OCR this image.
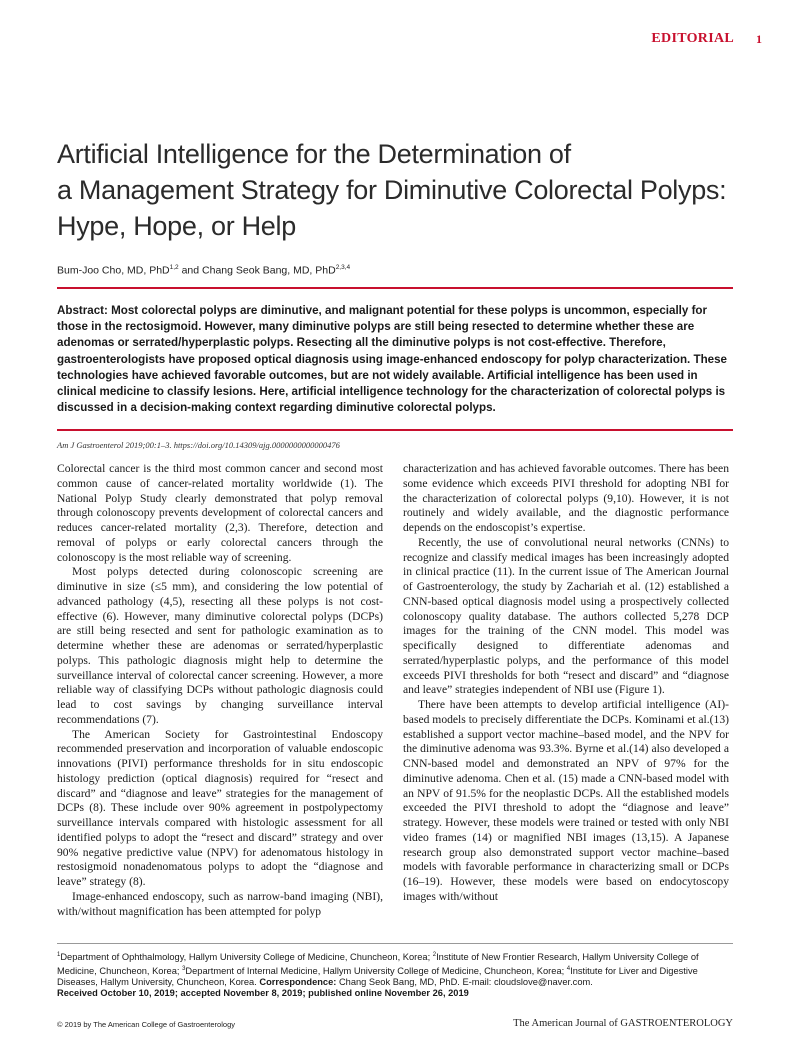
EDITORIAL 1
Artificial Intelligence for the Determination of
a Management Strategy for Diminutive Colorectal Polyps:
Hype, Hope, or Help
Bum-Joo Cho, MD, PhD$^{1,2}$ and Chang Seok Bang, MD, PhD$^{2,3,4}$

Abstract: Most colorectal polyps are diminutive, and malignant potential for these polyps is uncommon, especially for those in the rectosigmoid. However, many diminutive polyps are still being resected to determine whether these are adenomas or serrated/hyperplastic polyps. Resecting all the diminutive polyps is not cost-effective. Therefore, gastroenterologists have proposed optical diagnosis using image-enhanced endoscopy for polyp characterization. These technologies have achieved favorable outcomes, but are not widely available. Artificial intelligence has been used in clinical medicine to classify lesions. Here, artificial intelligence technology for the characterization of colorectal polyps is discussed in a decision-making context regarding diminutive colorectal polyps.

Am J Gastroenterol 2019;00:1–3. https://doi.org/10.14309/ajg.0000000000000476

Colorectal cancer is the third most common cancer and second most common cause of cancer-related mortality worldwide (1). The National Polyp Study clearly demonstrated that polyp removal through colonoscopy prevents development of colorectal cancers and reduces cancer-related mortality (2,3). Therefore, detection and removal of polyps or early colorectal cancers through the colonoscopy is the most reliable way of screening.

Most polyps detected during colonoscopic screening are diminutive in size (≤5 mm), and considering the low potential of advanced pathology (4,5), resecting all these polyps is not cost-effective (6). However, many diminutive colorectal polyps (DCPs) are still being resected and sent for pathologic examination as to determine whether these are adenomas or serrated/hyperplastic polyps. This pathologic diagnosis might help to determine the surveillance interval of colorectal cancer screening. However, a more reliable way of classifying DCPs without pathologic diagnosis could lead to cost savings by changing surveillance interval recommendations (7).

The American Society for Gastrointestinal Endoscopy recommended preservation and incorporation of valuable endoscopic innovations (PIVI) performance thresholds for in situ endoscopic histology prediction (optical diagnosis) required for “resect and discard” and “diagnose and leave” strategies for the management of DCPs (8). These include over 90% agreement in postpolypectomy surveillance intervals compared with histologic assessment for all identified polyps to adopt the “resect and discard” strategy and over 90% negative predictive value (NPV) for adenomatous histology in restosigmoid nonadenomatous polyps to adopt the “diagnose and leave” strategy (8).

Image-enhanced endoscopy, such as narrow-band imaging (NBI), with/without magnification has been attempted for polyp

characterization and has achieved favorable outcomes. There has been some evidence which exceeds PIVI threshold for adopting NBI for the characterization of colorectal polyps (9,10). However, it is not routinely and widely available, and the diagnostic performance depends on the endoscopist’s expertise.

Recently, the use of convolutional neural networks (CNNs) to recognize and classify medical images has been increasingly adopted in clinical practice (11). In the current issue of The American Journal of Gastroenterology, the study by Zachariah et al. (12) established a CNN-based optical diagnosis model using a prospectively collected colonoscopy quality database. The authors collected 5,278 DCP images for the training of the CNN model. This model was specifically designed to differentiate adenomas and serrated/hyperplastic polyps, and the performance of this model exceeds PIVI thresholds for both “resect and discard” and “diagnose and leave” strategies independent of NBI use (Figure 1).

There have been attempts to develop artificial intelligence (AI)-based models to precisely differentiate the DCPs. Kominami et al.(13) established a support vector machine–based model, and the NPV for the diminutive adenoma was 93.3%. Byrne et al.(14) also developed a CNN-based model and demonstrated an NPV of 97% for the diminutive adenoma. Chen et al. (15) made a CNN-based model with an NPV of 91.5% for the neoplastic DCPs. All the established models exceeded the PIVI threshold to adopt the “diagnose and leave” strategy. However, these models were trained or tested with only NBI video frames (14) or magnified NBI images (13,15). A Japanese research group also demonstrated support vector machine–based models with favorable performance in characterizing small or DCPs (16–19). However, these models were based on endocytoscopy images with/without

$^1$Department of Ophthalmology, Hallym University College of Medicine, Chuncheon, Korea; $^2$Institute of New Frontier Research, Hallym University College of Medicine, Chuncheon, Korea; $^3$Department of Internal Medicine, Hallym University College of Medicine, Chuncheon, Korea; $^4$Institute for Liver and Digestive Diseases, Hallym University, Chuncheon, Korea. Correspondence: Chang Seok Bang, MD, PhD. E-mail: cloudslove@naver.com.
Received October 10, 2019; accepted November 8, 2019; published online November 26, 2019

© 2019 by The American College of Gastroenterology	The American Journal of GASTROENTEROLOGY
